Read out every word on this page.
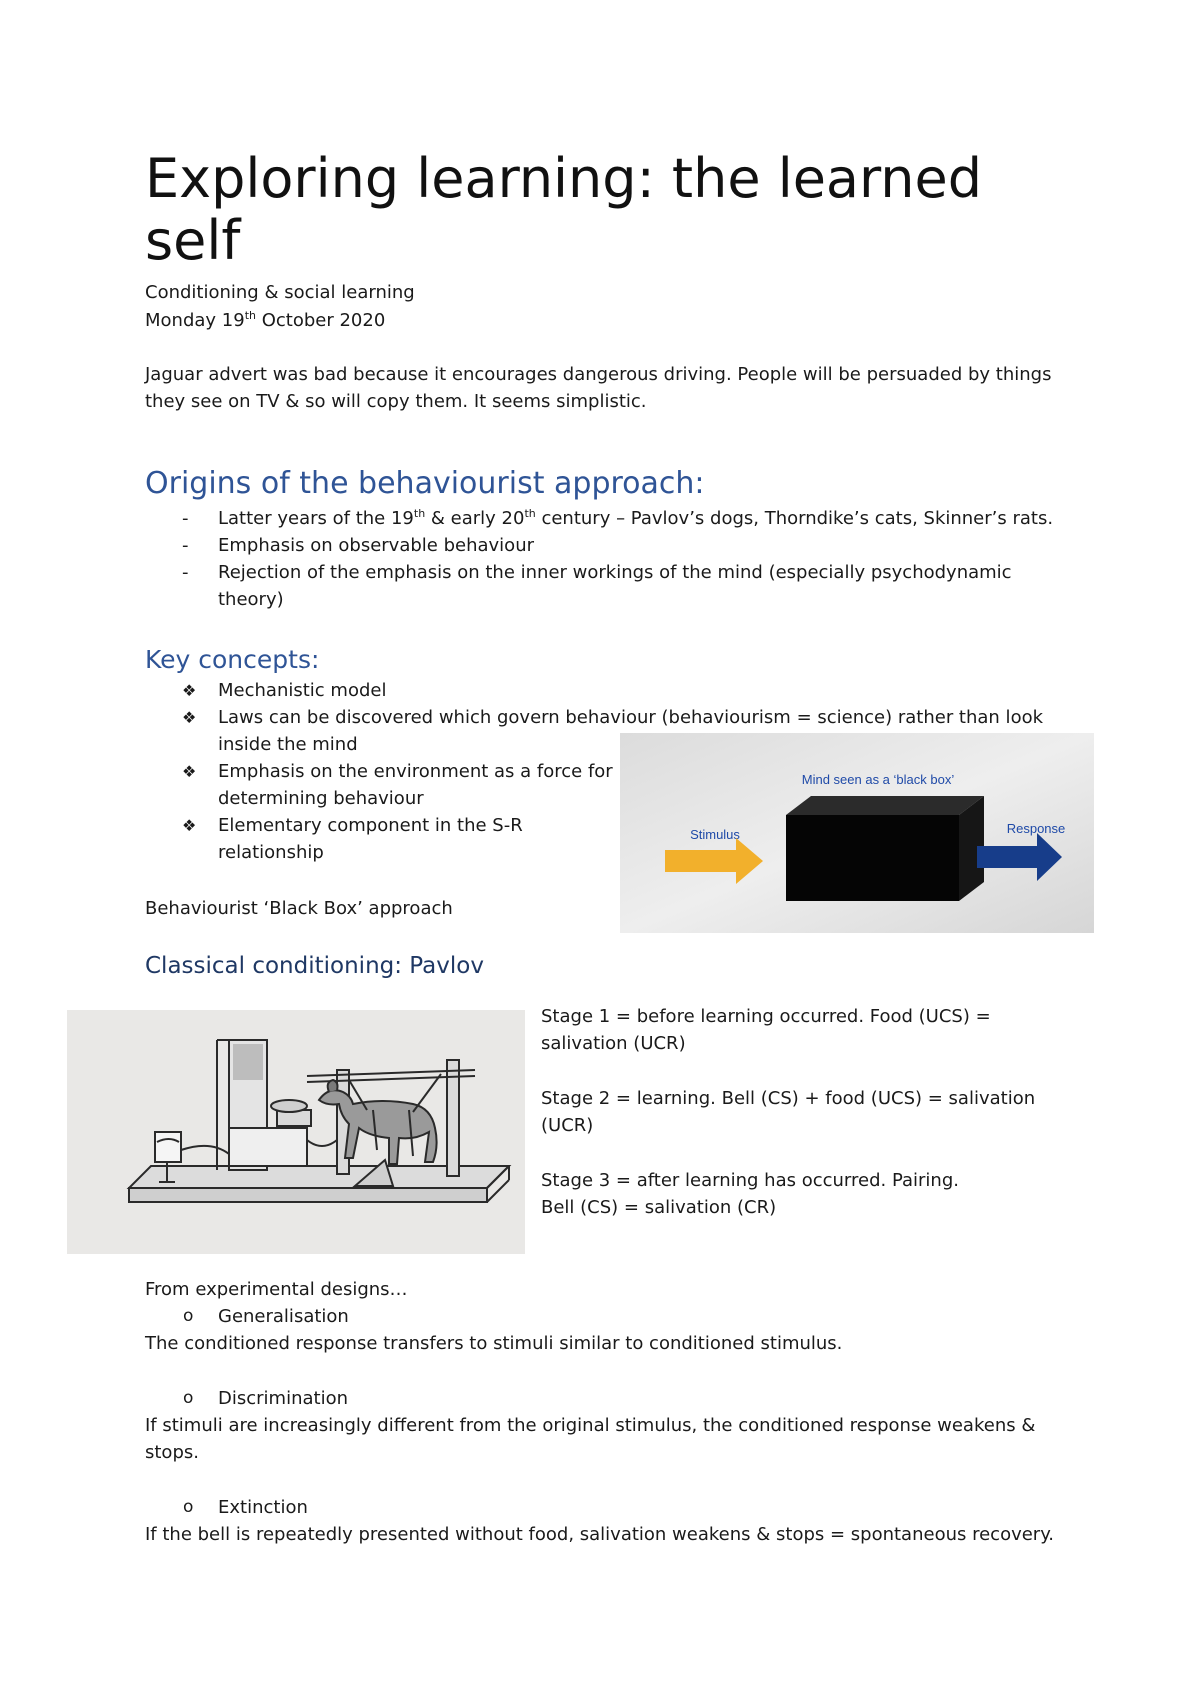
Exploring learning: the learned self
Conditioning & social learning
Monday 19th October 2020
Jaguar advert was bad because it encourages dangerous driving. People will be persuaded by things they see on TV & so will copy them. It seems simplistic.
Origins of the behaviourist approach:
-
Latter years of the 19th & early 20th century – Pavlov’s dogs, Thorndike’s cats, Skinner’s rats.
-
Emphasis on observable behaviour
-
Rejection of the emphasis on the inner workings of the mind (especially psychodynamic theory)
Key concepts:
❖ Mechanistic model
❖ Laws can be discovered which govern behaviour (behaviourism = science) rather than look inside the mind
❖ Emphasis on the environment as a force for determining behaviour
❖ Elementary component in the S-R relationship
Behaviourist ‘Black Box’ approach
Mind seen as a ‘black box’
Stimulus	Response
Classical conditioning: Pavlov
Stage 1 = before learning occurred. Food (UCS) = salivation (UCR)
Stage 2 = learning. Bell (CS) + food (UCS) = salivation (UCR)
Stage 3 = after learning has occurred. Pairing.
Bell (CS) = salivation (CR)
From experimental designs…
o Generalisation
The conditioned response transfers to stimuli similar to conditioned stimulus.
o Discrimination
If stimuli are increasingly different from the original stimulus, the conditioned response weakens & stops.
o Extinction
If the bell is repeatedly presented without food, salivation weakens & stops = spontaneous recovery.
